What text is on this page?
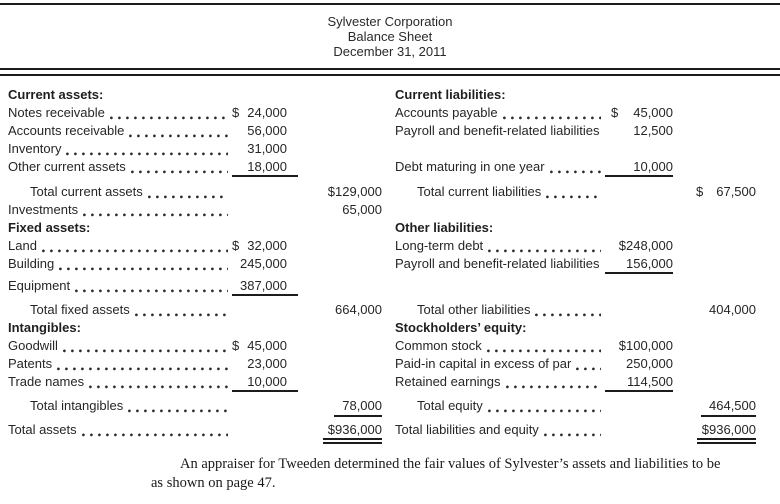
Sylvester Corporation
Balance Sheet
December 31, 2011
Current assets:	Current liabilities:
Notes receivable	$ 24,000	Accounts payable	$ 45,000
Accounts receivable	56,000	Payroll and benefit-related liabilities	12,500
Inventory	31,000
Other current assets	18,000	Debt maturing in one year	10,000
Total current assets	$129,000	Total current liabilities	$ 67,500
Investments	65,000
Fixed assets:	Other liabilities:
Land	$ 32,000	Long-term debt	$248,000
Building	245,000	Payroll and benefit-related liabilities 156,000
Equipment	387,000
Total fixed assets	664,000	Total other liabilities	404,000
Intangibles:	Stockholders’ equity:
Goodwill	$ 45,000	Common stock	$100,000
Patents	23,000	Paid-in capital in excess of par	250,000
Trade names	10,000	Retained earnings	114,500
Total intangibles	78,000	Total equity	464,500
Total assets	$936,000 Total liabilities and equity	$936,000

An appraiser for Tweeden determined the fair values of Sylvester’s assets and liabilities to be
as shown on page 47.
